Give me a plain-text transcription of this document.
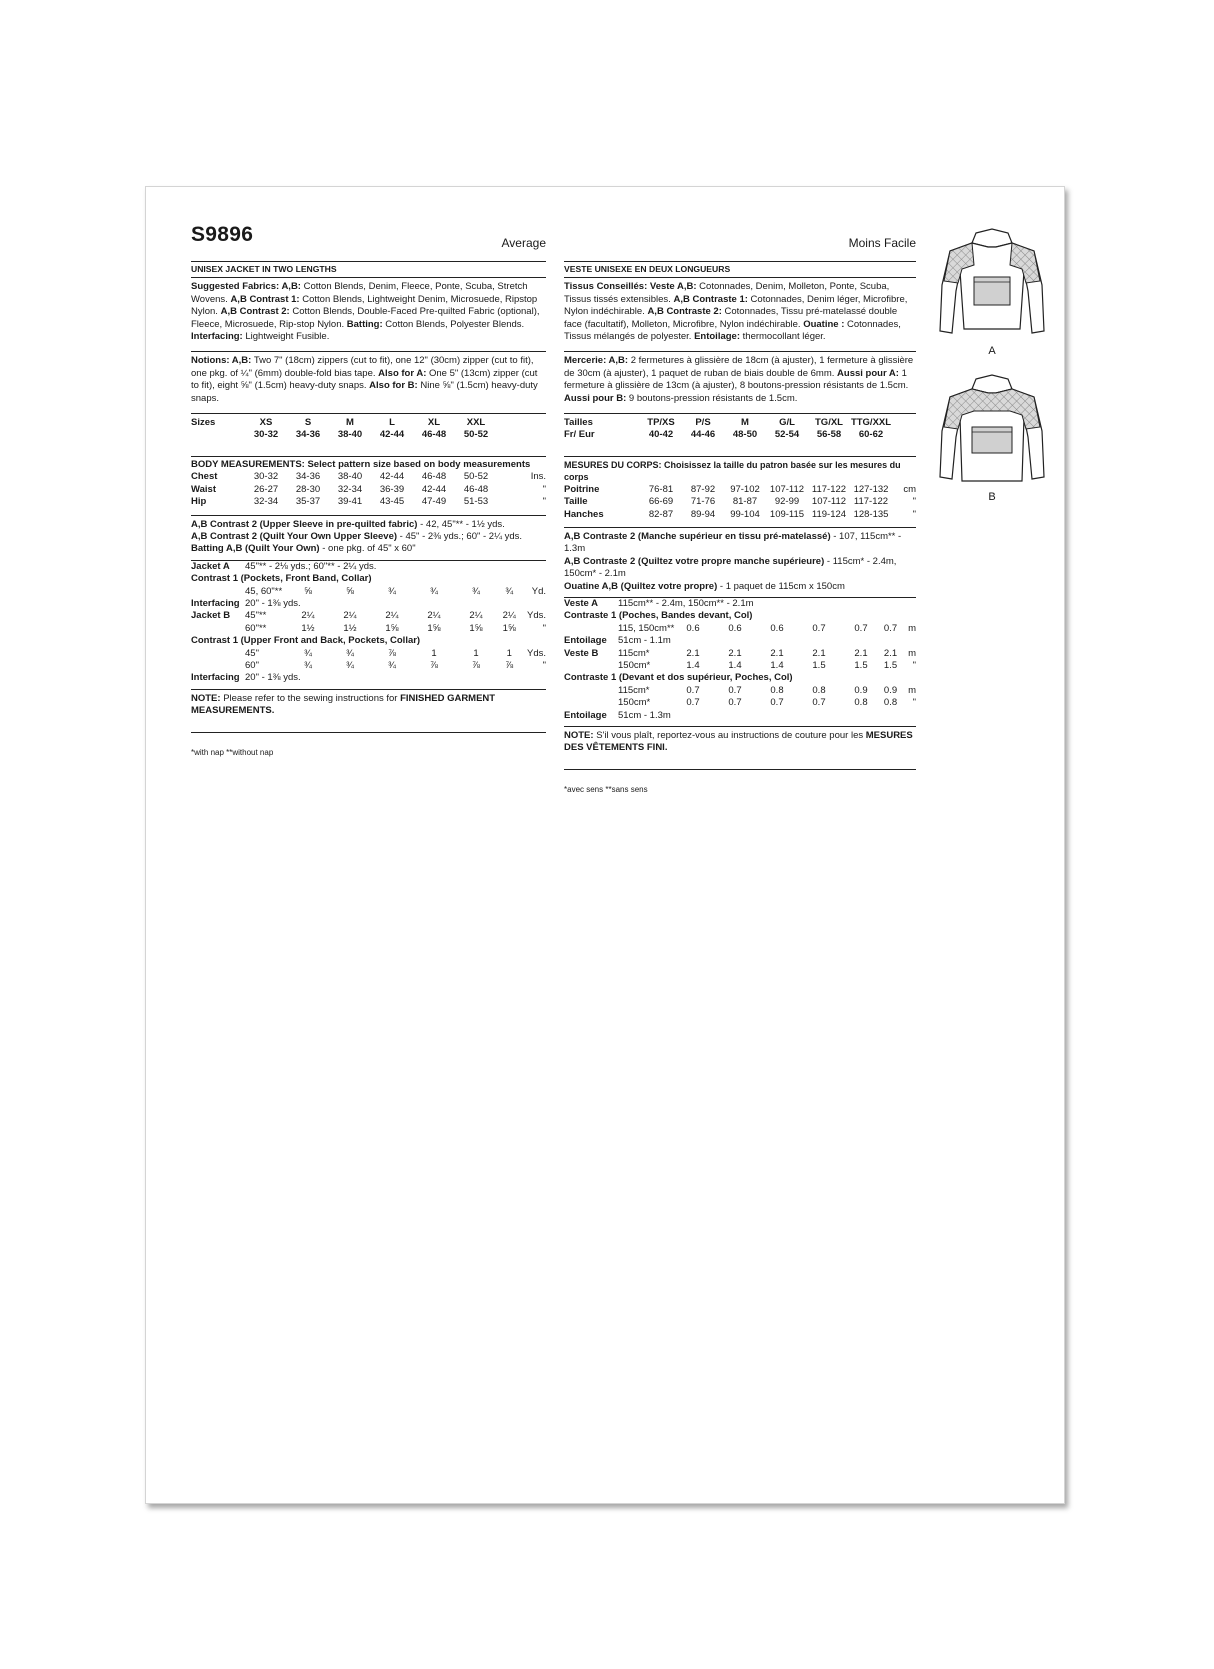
S9896	Average
UNISEX JACKET IN TWO LENGTHS

Suggested Fabrics: A,B: Cotton Blends, Denim, Fleece, Ponte, Scuba, Stretch Wovens. A,B Contrast 1: Cotton Blends, Lightweight Denim, Microsuede, Ripstop Nylon. A,B Contrast 2: Cotton Blends, Double-Faced Pre-quilted Fabric (optional), Fleece, Microsuede, Rip-stop Nylon. Batting: Cotton Blends, Polyester Blends. Interfacing: Lightweight Fusible.

Notions: A,B: Two 7" (18cm) zippers (cut to fit), one 12" (30cm) zipper (cut to fit), one pkg. of ¼" (6mm) double-fold bias tape. Also for A: One 5" (13cm) zipper (cut to fit), eight ⅝" (1.5cm) heavy-duty snaps. Also for B: Nine ⅝" (1.5cm) heavy-duty snaps.

Sizes	XS	S	M	L	XL	XXL	
	30-32	34-36	38-40	42-44	46-48	50-52	

BODY MEASUREMENTS: Select pattern size based on body measurements

Chest	30-32	34-36	38-40	42-44	46-48	50-52	Ins.
Waist	26-27	28-30	32-34	36-39	42-44	46-48	"
Hip	32-34	35-37	39-41	43-45	47-49	51-53	"

A,B Contrast 2 (Upper Sleeve in pre-quilted fabric) - 42, 45"** - 1½ yds.

A,B Contrast 2 (Quilt Your Own Upper Sleeve) - 45" - 2⅜ yds.; 60" - 2¼ yds.

Batting A,B (Quilt Your Own) - one pkg. of 45" x 60"

Jacket A	45"** - 2⅛ yds.; 60"** - 2¼ yds.							
Contrast 1 (Pockets, Front Band, Collar)								
	45, 60"**	⅝	⅝	¾	¾	¾	¾	Yd.
Interfacing	20" - 1⅜ yds.							
Jacket B	45"**	2¼	2¼	2¼	2¼	2¼	2¼	Yds.
	60"**	1½	1½	1⅝	1⅝	1⅝	1⅝	"
Contrast 1 (Upper Front and Back, Pockets, Collar)								
	45"	¾	¾	⅞	1	1	1	Yds.
	60"	¾	¾	¾	⅞	⅞	⅞	"
Interfacing	20" - 1⅜ yds.							

NOTE: Please refer to the sewing instructions for FINISHED GARMENT MEASUREMENTS.

*with nap **without nap
Moins Facile
VESTE UNISEXE EN DEUX LONGUEURS

Tissus Conseillés: Veste A,B: Cotonnades, Denim, Molleton, Ponte, Scuba, Tissus tissés extensibles. A,B Contraste 1: Cotonnades, Denim léger, Microfibre, Nylon indéchirable. A,B Contraste 2: Cotonnades, Tissu pré-matelassé double face (facultatif), Molleton, Microfibre, Nylon indéchirable. Ouatine : Cotonnades, Tissus mélangés de polyester. Entoilage: thermocollant léger.

Mercerie: A,B: 2 fermetures à glissière de 18cm (à ajuster), 1 fermeture à glissière de 30cm (à ajuster), 1 paquet de ruban de biais double de 6mm. Aussi pour A: 1 fermeture à glissière de 13cm (à ajuster), 8 boutons-pression résistants de 1.5cm. Aussi pour B: 9 boutons-pression résistants de 1.5cm.

Tailles	TP/XS	P/S	M	G/L	TG/XL	TTG/XXL	
Fr/ Eur	40-42	44-46	48-50	52-54	56-58	60-62	

MESURES DU CORPS: Choisissez la taille du patron basée sur les mesures du corps

Poitrine	76-81	87-92	97-102	107-112	117-122	127-132	cm
Taille	66-69	71-76	81-87	92-99	107-112	117-122	"
Hanches	82-87	89-94	99-104	109-115	119-124	128-135	"

A,B Contraste 2 (Manche supérieur en tissu pré-matelassé) - 107, 115cm** - 1.3m

A,B Contraste 2 (Quiltez votre propre manche supérieure) - 115cm* - 2.4m, 150cm* - 2.1m

Ouatine A,B (Quiltez votre propre) - 1 paquet de 115cm x 150cm

Veste A	115cm** - 2.4m, 150cm** - 2.1m							
Contraste 1 (Poches, Bandes devant, Col)								
	115, 150cm**	0.6	0.6	0.6	0.7	0.7	0.7	m
Entoilage	51cm - 1.1m							
Veste B	115cm*	2.1	2.1	2.1	2.1	2.1	2.1	m
	150cm*	1.4	1.4	1.4	1.5	1.5	1.5	"
Contraste 1 (Devant et dos supérieur, Poches, Col)								
	115cm*	0.7	0.7	0.8	0.8	0.9	0.9	m
	150cm*	0.7	0.7	0.7	0.7	0.8	0.8	"
Entoilage	51cm - 1.3m							

NOTE: S'il vous plaît, reportez-vous au instructions de couture pour les MESURES DES VÊTEMENTS FINI.

*avec sens **sans sens
A
B
